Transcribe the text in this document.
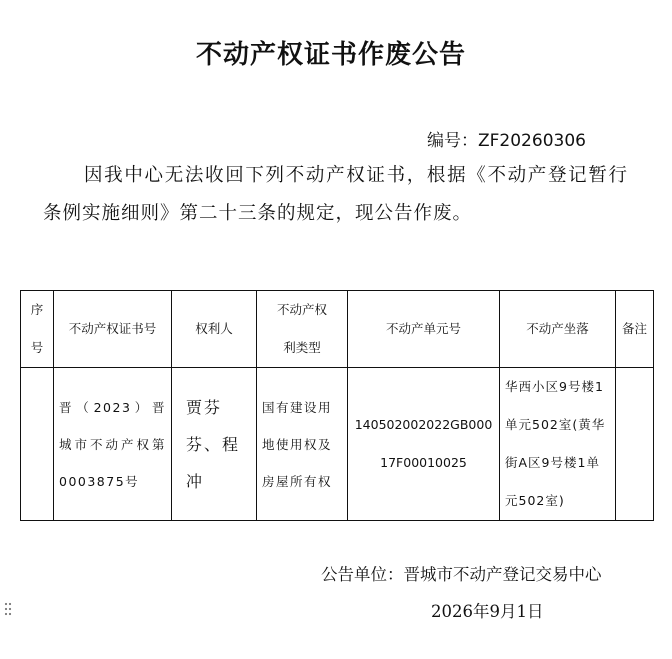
不动产权证书作废公告
编号：ZF20260306
因我中心无法收回下列不动产权证书，根据《不动产登记暂行条例实施细则》第二十三条的规定，现公告作废。
序号	不动产权证书号	权利人	不动产权利类型	不动产单元号	不动产坐落	备注

	晋（2023）晋城市不动产权第0003875号	贾芬芬、程冲	国有建设用地使用权及房屋所有权	140502002022GB00017F00010025	华西小区9号楼1单元502室(黄华街A区9号楼1单元502室)	
公告单位：晋城市不动产登记交易中心
2026年9月1日
